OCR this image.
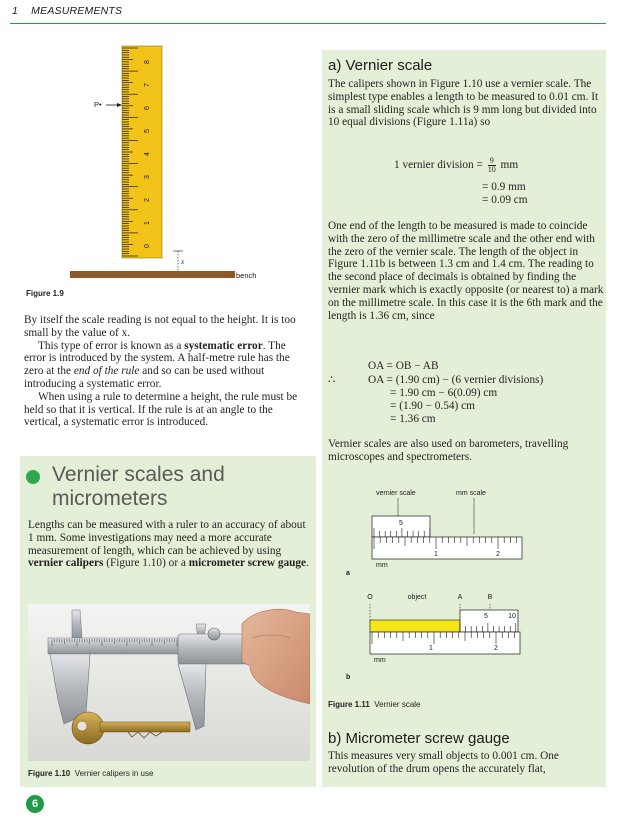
1 MEASUREMENTS
8
7
6
5
4
3
2
1
0
P•
x
bench
Figure 1.9

By itself the scale reading is not equal to the height. It is too small by the value of x.

This type of error is known as a systematic error. The error is introduced by the system. A half-metre rule has the zero at the end of the rule and so can be used without introducing a systematic error.

When using a rule to determine a height, the rule must be held so that it is vertical. If the rule is at an angle to the vertical, a systematic error is introduced.

Vernier scales and
micrometers

Lengths can be measured with a ruler to an accuracy of about 1 mm. Some investigations may need a more accurate measurement of length, which can be achieved by using vernier calipers (Figure 1.10) or a micrometer screw gauge.

Figure 1.10 Vernier calipers in use
a) Vernier scale

The calipers shown in Figure 1.10 use a vernier scale. The simplest type enables a length to be measured to 0.01 cm. It is a small sliding scale which is 9 mm long but divided into 10 equal divisions (Figure 1.11a) so

1 vernier division = $\frac{9}{10}$ mm
= 0.9 mm
= 0.09 cm

One end of the length to be measured is made to coincide with the zero of the millimetre scale and the other end with the zero of the vernier scale. The length of the object in Figure 1.11b is between 1.3 cm and 1.4 cm. The reading to the second place of decimals is obtained by finding the vernier mark which is exactly opposite (or nearest to) a mark on the millimetre scale. In this case it is the 6th mark and the length is 1.36 cm, since

OA = OB − AB
∴	OA = (1.90 cm) − (6 vernier divisions)
= 1.90 cm − 6(0.09) cm
= (1.90 − 0.54) cm
= 1.36 cm

Vernier scales are also used on barometers, travelling microscopes and spectrometers.

vernier scale	mm scale
5
1	2
mm
a
O	object	A	B
5	10
1	2
mm
b
Figure 1.11 Vernier scale
b) Micrometer screw gauge

This measures very small objects to 0.001 cm. One revolution of the drum opens the accurately flat,

6
